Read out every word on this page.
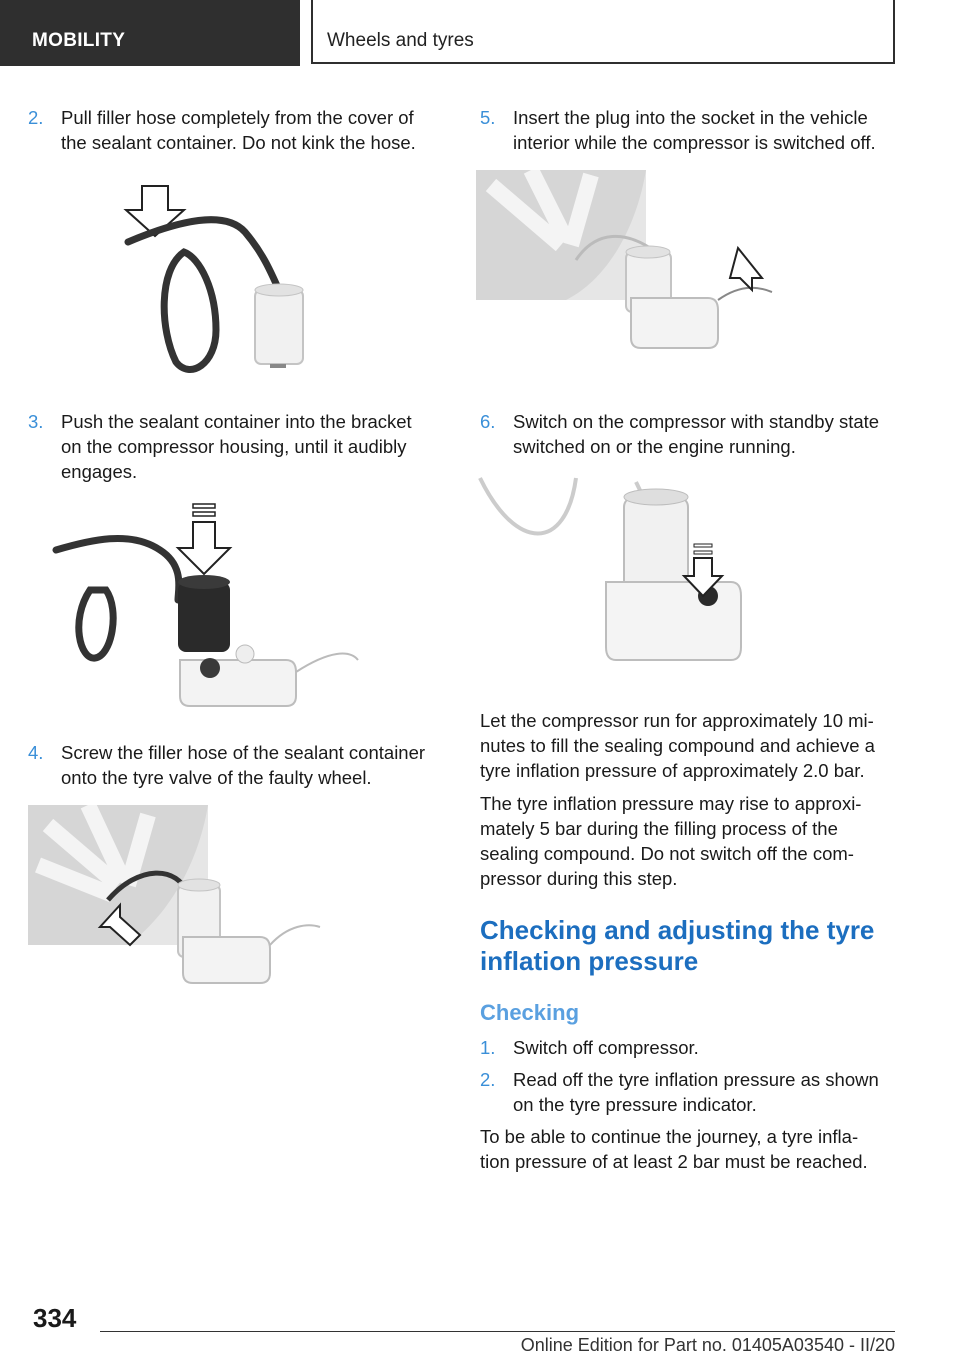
MOBILITY	Wheels and tyres
2. Pull filler hose completely from the cover of
the sealant container. Do not kink the hose.
3. Push the sealant container into the bracket
on the compressor housing, until it audibly
engages.
4. Screw the filler hose of the sealant container
onto the tyre valve of the faulty wheel.
5. Insert the plug into the socket in the vehicle
interior while the compressor is switched off.
6. Switch on the compressor with standby state
switched on or the engine running.
Let the compressor run for approximately 10 mi-
nutes to fill the sealing compound and achieve a
tyre inflation pressure of approximately 2.0 bar.
The tyre inflation pressure may rise to approxi-
mately 5 bar during the filling process of the
sealing compound. Do not switch off the com-
pressor during this step.
Checking and adjusting the tyre
inflation pressure
Checking
1. Switch off compressor.
2. Read off the tyre inflation pressure as shown
on the tyre pressure indicator.
To be able to continue the journey, a tyre infla-
tion pressure of at least 2 bar must be reached.
334
Online Edition for Part no. 01405A03540 - II/20
